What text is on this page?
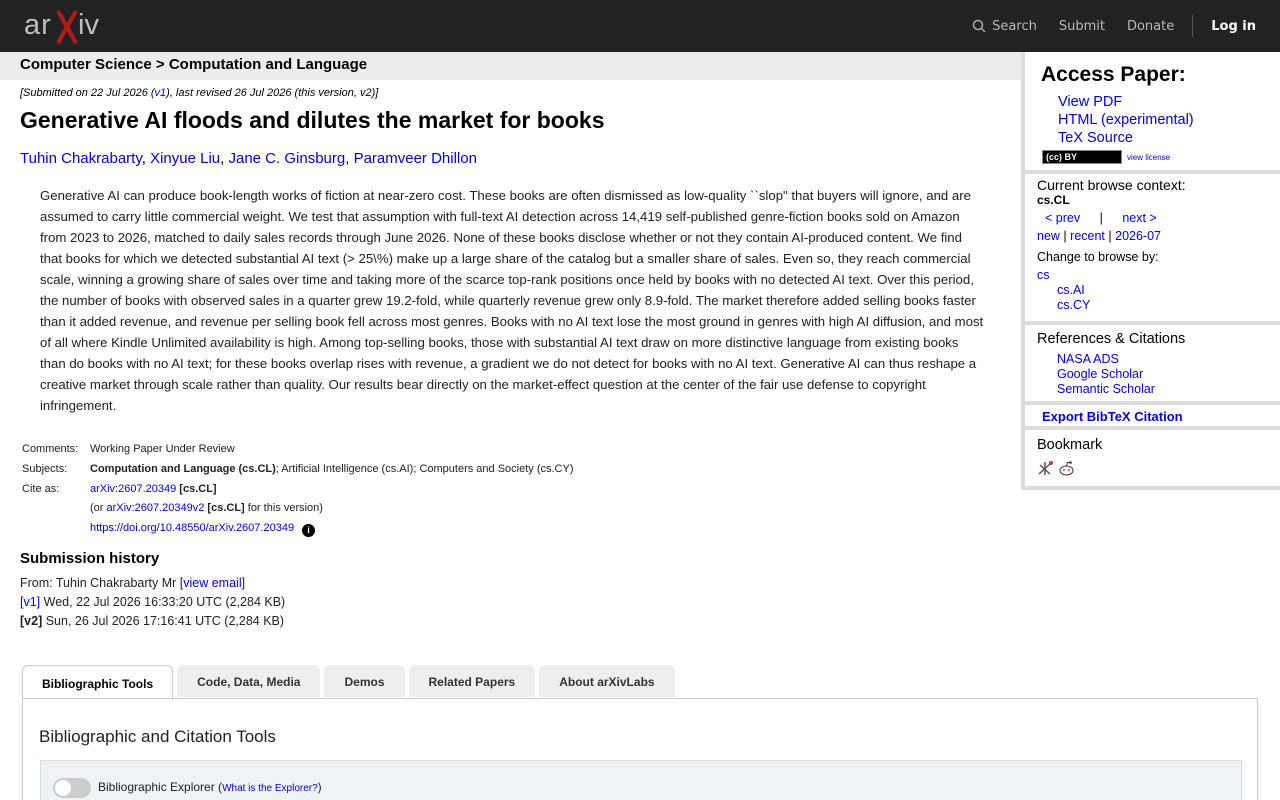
ar iv	Search Submit Donate	Log in
Computer Science > Computation and Language
[Submitted on 22 Jul 2026 (v1), last revised 26 Jul 2026 (this version, v2)]
Generative AI floods and dilutes the market for books
Tuhin Chakrabarty, Xinyue Liu, Jane C. Ginsburg, Paramveer Dhillon
Generative AI can produce book-length works of fiction at near-zero cost. These books are often dismissed as low-quality ``slop" that buyers will ignore, and are assumed to carry little commercial weight. We test that assumption with full-text AI detection across 14,419 self-published genre-fiction books sold on Amazon from 2023 to 2026, matched to daily sales records through June 2026. None of these books disclose whether or not they contain AI-produced content. We find that books for which we detected substantial AI text (> 25\%) make up a large share of the catalog but a smaller share of sales. Even so, they reach commercial scale, winning a growing share of sales over time and taking more of the scarce top-rank positions once held by books with no detected AI text. Over this period, the number of books with observed sales in a quarter grew 19.2-fold, while quarterly revenue grew only 8.9-fold. The market therefore added selling books faster than it added revenue, and revenue per selling book fell across most genres. Books with no AI text lose the most ground in genres with high AI diffusion, and most of all where Kindle Unlimited availability is high. Among top-selling books, those with substantial AI text draw on more distinctive language from existing books than do books with no AI text; for these books overlap rises with revenue, a gradient we do not detect for books with no AI text. Generative AI can thus reshape a creative market through scale rather than quality. Our results bear directly on the market-effect question at the center of the fair use defense to copyright infringement.
Comments:	Working Paper Under Review
Subjects:	Computation and Language (cs.CL); Artificial Intelligence (cs.AI); Computers and Society (cs.CY)
Cite as:	arXiv:2607.20349 [cs.CL]
(or arXiv:2607.20349v2 [cs.CL] for this version)
https://doi.org/10.48550/arXiv.2607.20349 i
Submission history
From: Tuhin Chakrabarty Mr [view email]
[v1] Wed, 22 Jul 2026 16:33:20 UTC (2,284 KB)
[v2] Sun, 26 Jul 2026 17:16:41 UTC (2,284 KB)
Access Paper:
View PDF
HTML (experimental)
TeX Source
(cc) BY	view license
Current browse context:
cs.CL
< prev | next >
new | recent | 2026-07
Change to browse by:
cs
cs.AI
cs.CY
References & Citations
NASA ADS
Google Scholar
Semantic Scholar
Export BibTeX Citation
Bookmark
Bibliographic Tools	Code, Data, Media	Demos	Related Papers	About arXivLabs
Bibliographic and Citation Tools
Bibliographic Explorer (What is the Explorer?)
